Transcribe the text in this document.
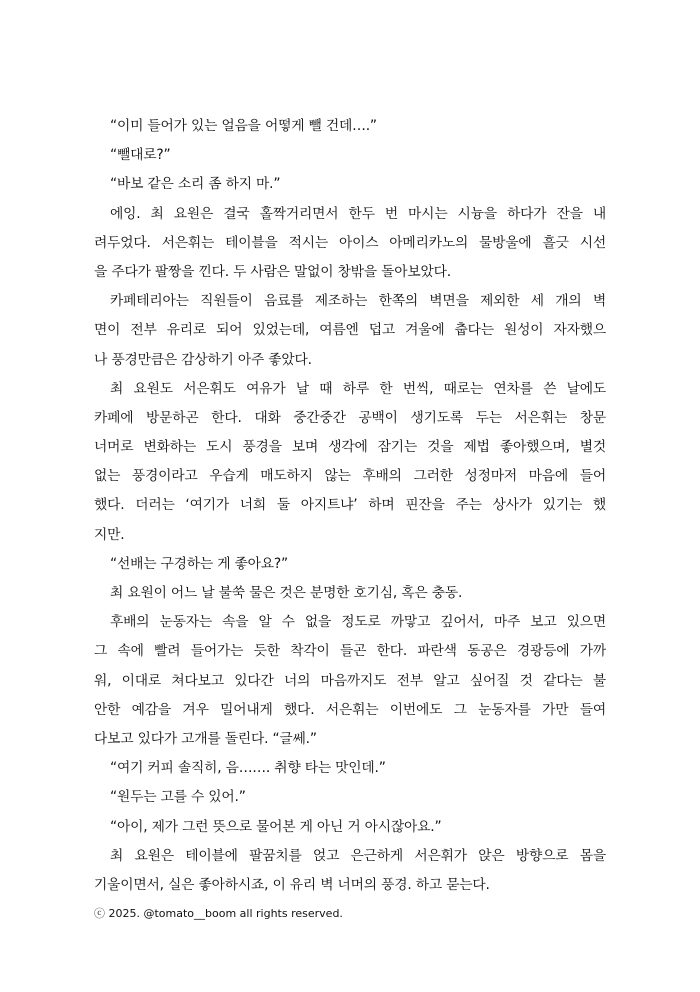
“이미 들어가 있는 얼음을 어떻게 뺄 건데….”
“뺄대로?”
“바보 같은 소리 좀 하지 마.”
에잉. 최 요원은 결국 홀짝거리면서 한두 번 마시는 시늉을 하다가 잔을 내
려두었다. 서은휘는 테이블을 적시는 아이스 아메리카노의 물방울에 흘긋 시선
을 주다가 팔짱을 낀다. 두 사람은 말없이 창밖을 돌아보았다.
카페테리아는 직원들이 음료를 제조하는 한쪽의 벽면을 제외한 세 개의 벽
면이 전부 유리로 되어 있었는데, 여름엔 덥고 겨울에 춥다는 원성이 자자했으
나 풍경만큼은 감상하기 아주 좋았다.
최 요원도 서은휘도 여유가 날 때 하루 한 번씩, 때로는 연차를 쓴 날에도
카페에 방문하곤 한다. 대화 중간중간 공백이 생기도록 두는 서은휘는 창문
너머로 변화하는 도시 풍경을 보며 생각에 잠기는 것을 제법 좋아했으며, 별것
없는 풍경이라고 우습게 매도하지 않는 후배의 그러한 성정마저 마음에 들어
했다. 더러는 ‘여기가 너희 둘 아지트냐’ 하며 핀잔을 주는 상사가 있기는 했
지만.
“선배는 구경하는 게 좋아요?”
최 요원이 어느 날 불쑥 물은 것은 분명한 호기심, 혹은 충동.
후배의 눈동자는 속을 알 수 없을 정도로 까맣고 깊어서, 마주 보고 있으면
그 속에 빨려 들어가는 듯한 착각이 들곤 한다. 파란색 동공은 경광등에 가까
워, 이대로 쳐다보고 있다간 너의 마음까지도 전부 알고 싶어질 것 같다는 불
안한 예감을 겨우 밀어내게 했다. 서은휘는 이번에도 그 눈동자를 가만 들여
다보고 있다가 고개를 돌린다. “글쎄.”
“여기 커피 솔직히, 음……. 취향 타는 맛인데.”
“원두는 고를 수 있어.”
“아이, 제가 그런 뜻으로 물어본 게 아닌 거 아시잖아요.”
최 요원은 테이블에 팔꿈치를 얹고 은근하게 서은휘가 앉은 방향으로 몸을
기울이면서, 실은 좋아하시죠, 이 유리 벽 너머의 풍경. 하고 묻는다.
ⓒ 2025. @tomato__boom all rights reserved.
